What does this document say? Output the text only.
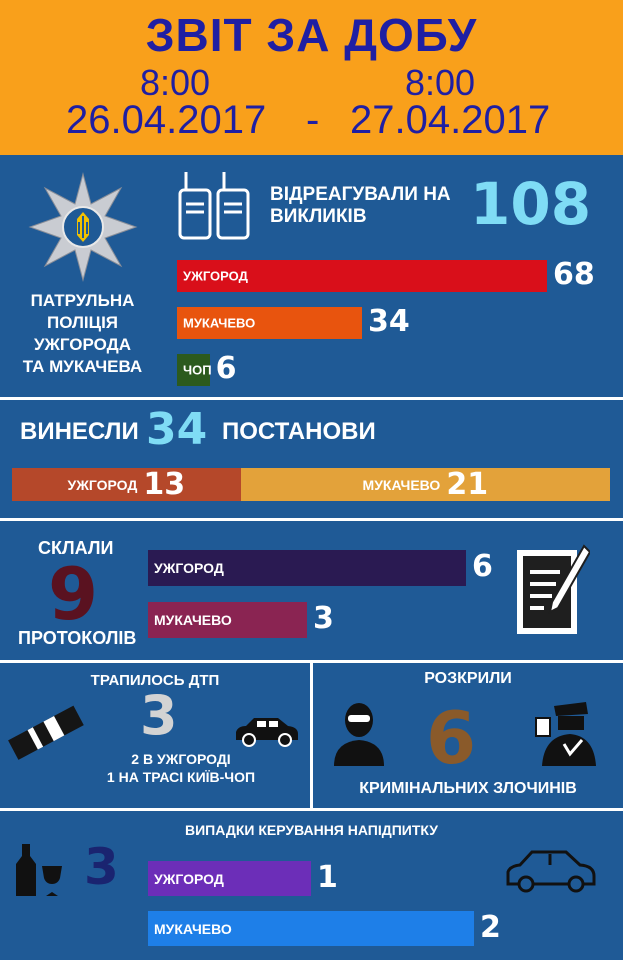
ЗВІТ ЗА ДОБУ
8:00
26.04.2017 -
8:00
27.04.2017
ПАТРУЛЬНА
ПОЛІЦІЯ
УЖГОРОДА
ТА МУКАЧЕВА
ВІДРЕАГУВАЛИ НА
ВИКЛИКІВ	108
ВИНЕСЛИ 34 ПОСТАНОВИ
СКЛАЛИ
9
ПРОТОКОЛІВ
ТРАПИЛОСЬ ДТП
3
2 В УЖГОРОДІ
1 НА ТРАСІ КИЇВ-ЧОП
РОЗКРИЛИ
6
КРИМІНАЛЬНИХ ЗЛОЧИНІВ
ВИПАДКИ КЕРУВАННЯ НАПІДПИТКУ
3
УЖГОРОД	68
МУКАЧЕВО	34
ЧОП 6
УЖГОРОД	6
МУКАЧЕВО	3
УЖГОРОД	1
МУКАЧЕВО	2
УЖГОРОД 13	МУКАЧЕВО 21
